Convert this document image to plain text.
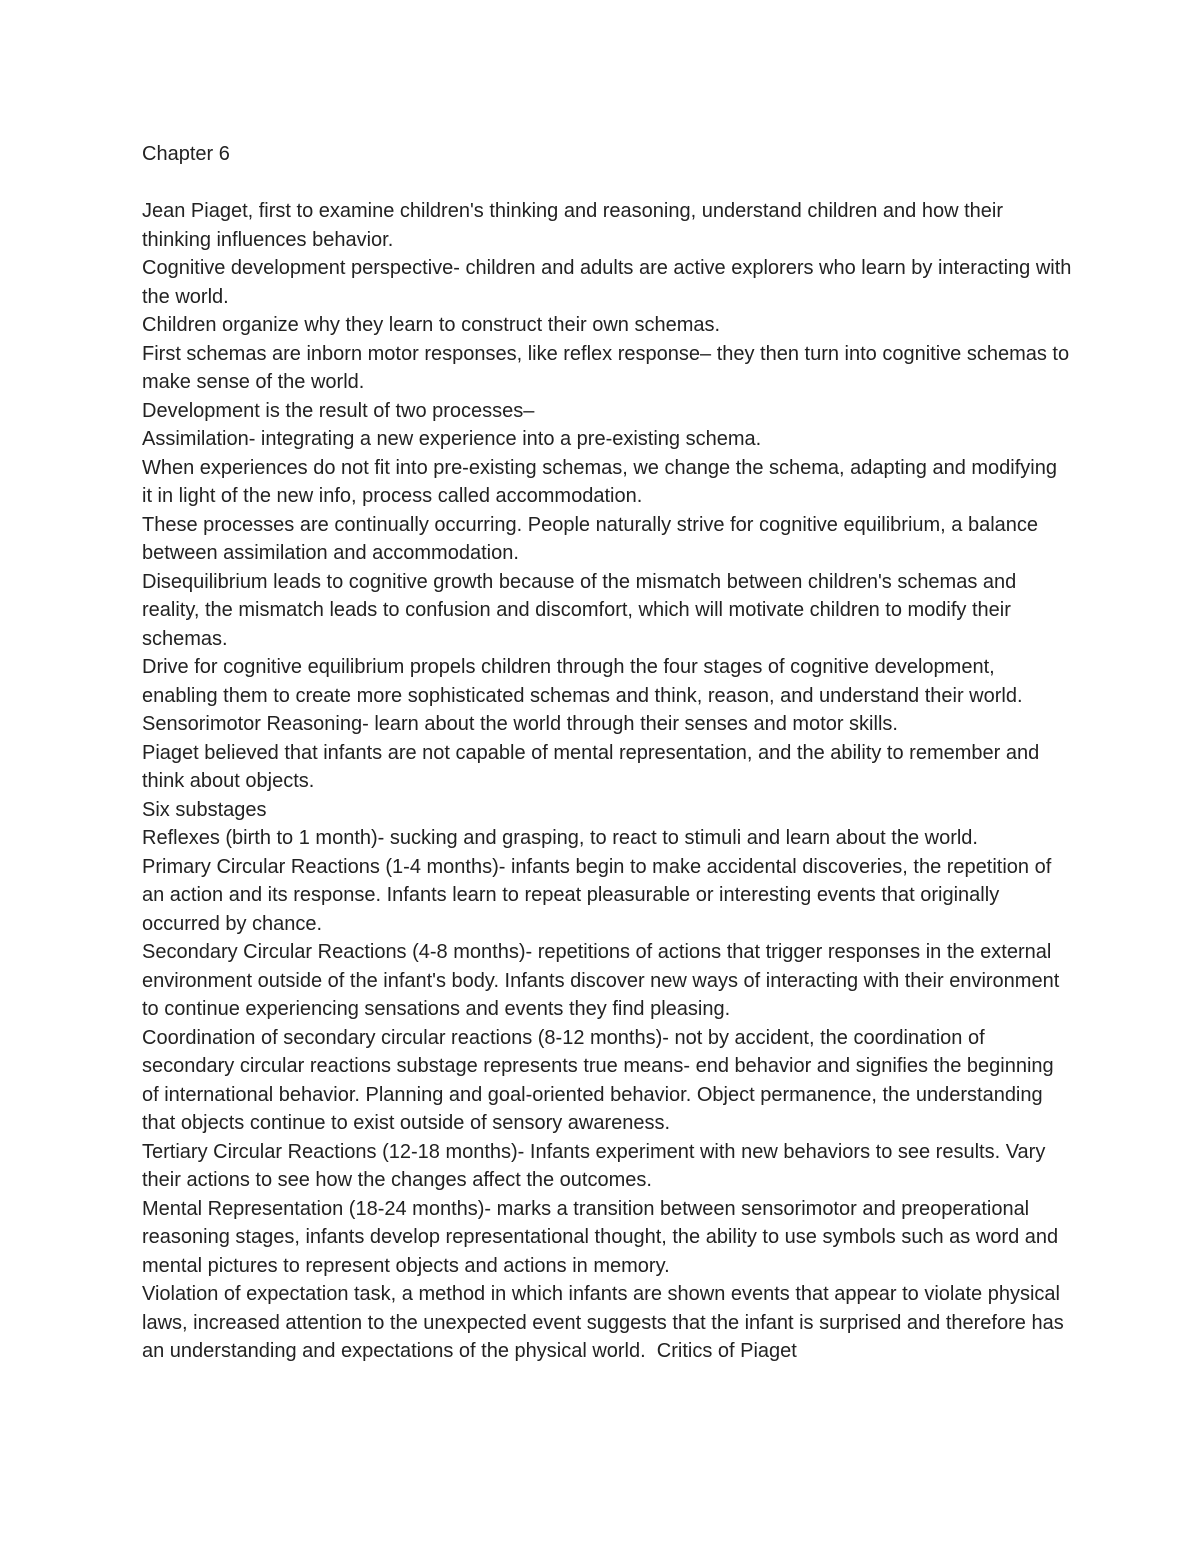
Chapter 6

Jean Piaget, first to examine children's thinking and reasoning, understand children and how their thinking influences behavior.

Cognitive development perspective- children and adults are active explorers who learn by interacting with the world.

Children organize why they learn to construct their own schemas.

First schemas are inborn motor responses, like reflex response– they then turn into cognitive schemas to make sense of the world.

Development is the result of two processes–

Assimilation- integrating a new experience into a pre-existing schema.

When experiences do not fit into pre-existing schemas, we change the schema, adapting and modifying it in light of the new info, process called accommodation.

These processes are continually occurring. People naturally strive for cognitive equilibrium, a balance between assimilation and accommodation.

Disequilibrium leads to cognitive growth because of the mismatch between children's schemas and reality, the mismatch leads to confusion and discomfort, which will motivate children to modify their schemas.

Drive for cognitive equilibrium propels children through the four stages of cognitive development, enabling them to create more sophisticated schemas and think, reason, and understand their world.

Sensorimotor Reasoning- learn about the world through their senses and motor skills.

Piaget believed that infants are not capable of mental representation, and the ability to remember and think about objects.

Six substages

Reflexes (birth to 1 month)- sucking and grasping, to react to stimuli and learn about the world.

Primary Circular Reactions (1-4 months)- infants begin to make accidental discoveries, the repetition of an action and its response. Infants learn to repeat pleasurable or interesting events that originally occurred by chance.

Secondary Circular Reactions (4-8 months)- repetitions of actions that trigger responses in the external environment outside of the infant's body. Infants discover new ways of interacting with their environment to continue experiencing sensations and events they find pleasing.

Coordination of secondary circular reactions (8-12 months)- not by accident, the coordination of secondary circular reactions substage represents true means- end behavior and signifies the beginning of international behavior. Planning and goal-oriented behavior. Object permanence, the understanding that objects continue to exist outside of sensory awareness.

Tertiary Circular Reactions (12-18 months)- Infants experiment with new behaviors to see results. Vary their actions to see how the changes affect the outcomes.

Mental Representation (18-24 months)- marks a transition between sensorimotor and preoperational reasoning stages, infants develop representational thought, the ability to use symbols such as word and mental pictures to represent objects and actions in memory.

Violation of expectation task, a method in which infants are shown events that appear to violate physical laws, increased attention to the unexpected event suggests that the infant is surprised and therefore has an understanding and expectations of the physical world.  Critics of Piaget
